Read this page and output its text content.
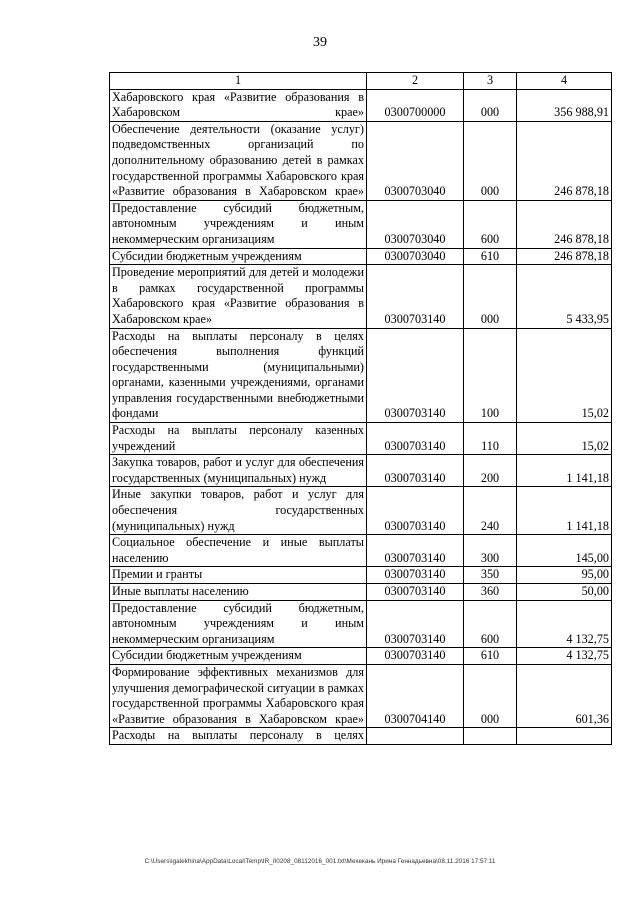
39
1	2	3	4
Хабаровского края «Развитие образования в Хабаровском крае»	0300700000	000	356 988,91
Обеспечение деятельности (оказание услуг) подведомственных организаций по дополнительному образованию детей в рамках государственной программы Хабаровского края «Развитие образования в Хабаровском крае»	0300703040	000	246 878,18
Предоставление субсидий бюджетным, автономным учреждениям и иным некоммерческим организациям	0300703040	600	246 878,18
Субсидии бюджетным учреждениям	0300703040	610	246 878,18
Проведение мероприятий для детей и молодежи в рамках государственной программы Хабаровского края «Развитие образования в Хабаровском крае»	0300703140	000	5 433,95
Расходы на выплаты персоналу в целях обеспечения выполнения функций государственными (муниципальными) органами, казенными учреждениями, органами управления государственными внебюджетными фондами	0300703140	100	15,02
Расходы на выплаты персоналу казенных учреждений	0300703140	110	15,02
Закупка товаров, работ и услуг для обеспечения государственных (муниципальных) нужд	0300703140	200	1 141,18
Иные закупки товаров, работ и услуг для обеспечения государственных (муниципальных) нужд	0300703140	240	1 141,18
Социальное обеспечение и иные выплаты населению	0300703140	300	145,00
Премии и гранты	0300703140	350	95,00
Иные выплаты населению	0300703140	360	50,00
Предоставление субсидий бюджетным, автономным учреждениям и иным некоммерческим организациям	0300703140	600	4 132,75
Субсидии бюджетным учреждениям	0300703140	610	4 132,75
Формирование эффективных механизмов для улучшения демографической ситуации в рамках государственной программы Хабаровского края «Развитие образования в Хабаровском крае»	0300704140	000	601,36
Расходы на выплаты персоналу в целях			
C:\Users\igalekhina\AppData\Local\Temp\IR_00208_08112016_001.txt\Мехекань Ирина Геннадьевна\08.11.2016 17:57:11
